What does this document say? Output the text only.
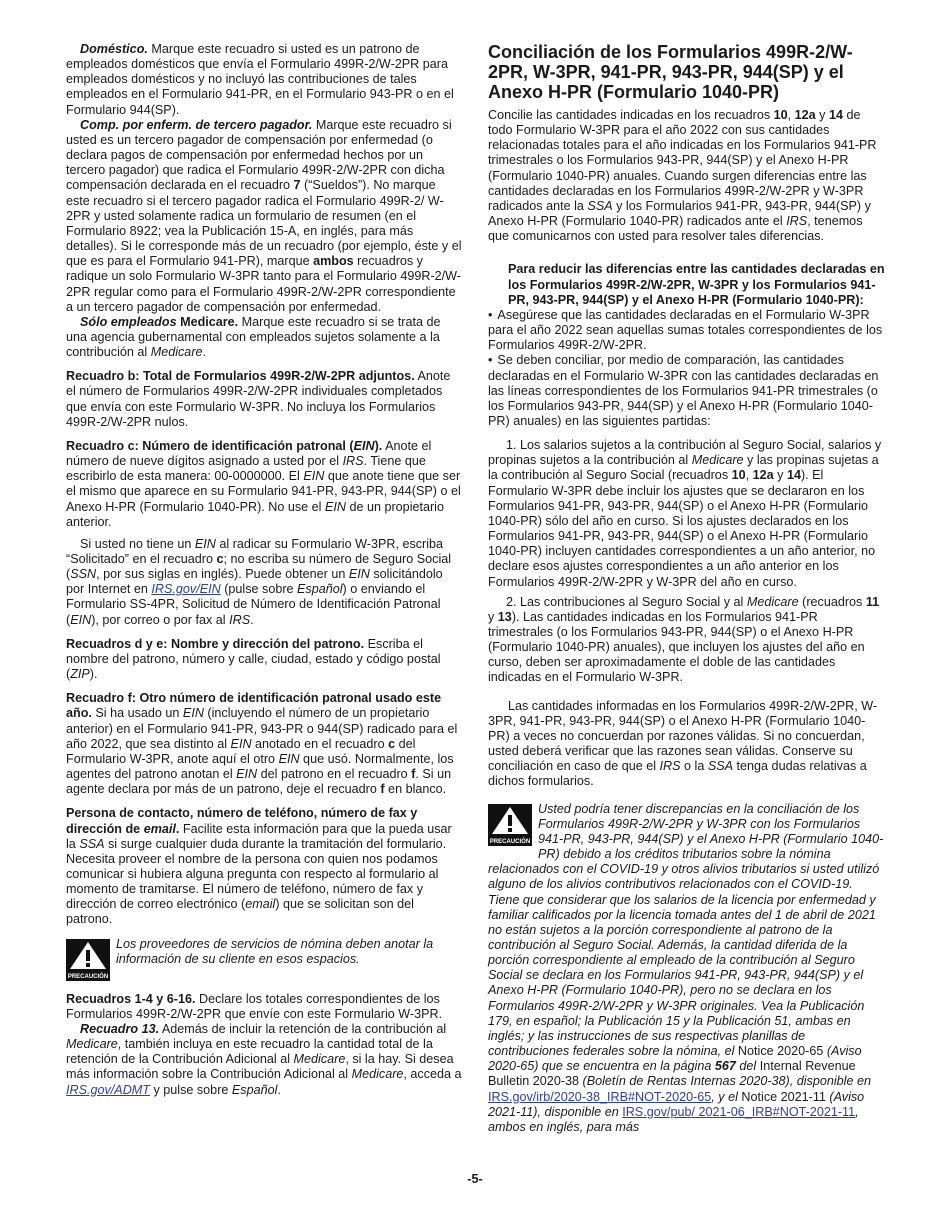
Doméstico. Marque este recuadro si usted es un patrono de empleados domésticos que envía el Formulario 499R-2/W-2PR para empleados domésticos y no incluyó las contribuciones de tales empleados en el Formulario 941-PR, en el Formulario 943-PR o en el Formulario 944(SP).

Comp. por enferm. de tercero pagador. Marque este recuadro si usted es un tercero pagador de compensación por enfermedad (o declara pagos de compensación por enfermedad hechos por un tercero pagador) que radica el Formulario 499R-2/W-2PR con dicha compensación declarada en el recuadro 7 (“Sueldos”). No marque este recuadro si el tercero pagador radica el Formulario 499R-2/ W-2PR y usted solamente radica un formulario de resumen (en el Formulario 8922; vea la Publicación 15-A, en inglés, para más detalles). Si le corresponde más de un recuadro (por ejemplo, éste y el que es para el Formulario 941-PR), marque ambos recuadros y radique un solo Formulario W-3PR tanto para el Formulario 499R-2/W-2PR regular como para el Formulario 499R-2/W-2PR correspondiente a un tercero pagador de compensación por enfermedad.

Sólo empleados Medicare. Marque este recuadro si se trata de una agencia gubernamental con empleados sujetos solamente a la contribución al Medicare.

Recuadro b: Total de Formularios 499R-2/W-2PR adjuntos. Anote el número de Formularios 499R-2/W-2PR individuales completados que envía con este Formulario W-3PR. No incluya los Formularios 499R-2/W-2PR nulos.

Recuadro c: Número de identificación patronal (EIN). Anote el número de nueve dígitos asignado a usted por el IRS. Tiene que escribirlo de esta manera: 00-0000000. El EIN que anote tiene que ser el mismo que aparece en su Formulario 941-PR, 943-PR, 944(SP) o el Anexo H-PR (Formulario 1040-PR). No use el EIN de un propietario anterior.

Si usted no tiene un EIN al radicar su Formulario W-3PR, escriba “Solicitado” en el recuadro c; no escriba su número de Seguro Social (SSN, por sus siglas en inglés). Puede obtener un EIN solicitándolo por Internet en IRS.gov/EIN (pulse sobre Español) o enviando el Formulario SS-4PR, Solicitud de Número de Identificación Patronal (EIN), por correo o por fax al IRS.

Recuadros d y e: Nombre y dirección del patrono. Escriba el nombre del patrono, número y calle, ciudad, estado y código postal (ZIP).

Recuadro f: Otro número de identificación patronal usado este año. Si ha usado un EIN (incluyendo el número de un propietario anterior) en el Formulario 941-PR, 943-PR o 944(SP) radicado para el año 2022, que sea distinto al EIN anotado en el recuadro c del Formulario W-3PR, anote aquí el otro EIN que usó. Normalmente, los agentes del patrono anotan el EIN del patrono en el recuadro f. Si un agente declara por más de un patrono, deje el recuadro f en blanco.

Persona de contacto, número de teléfono, número de fax y dirección de email. Facilite esta información para que la pueda usar la SSA si surge cualquier duda durante la tramitación del formulario. Necesita proveer el nombre de la persona con quien nos podamos comunicar si hubiera alguna pregunta con respecto al formulario al momento de tramitarse. El número de teléfono, número de fax y dirección de correo electrónico (email) que se solicitan son del patrono.

PRECAUCIÓN

Los proveedores de servicios de nómina deben anotar la información de su cliente en esos espacios.

Recuadros 1-4 y 6-16. Declare los totales correspondientes de los Formularios 499R-2/W-2PR que envíe con este Formulario W-3PR.

Recuadro 13. Además de incluir la retención de la contribución al Medicare, también incluya en este recuadro la cantidad total de la retención de la Contribución Adicional al Medicare, si la hay. Si desea más información sobre la Contribución Adicional al Medicare, acceda a IRS.gov/ADMT y pulse sobre Español.

Conciliación de los Formularios 499R-2/W-2PR, W-3PR, 941-PR, 943-PR, 944(SP) y el Anexo H-PR (Formulario 1040-PR)

Concilie las cantidades indicadas en los recuadros 10, 12a y 14 de todo Formulario W-3PR para el año 2022 con sus cantidades relacionadas totales para el año indicadas en los Formularios 941-PR trimestrales o los Formularios 943-PR, 944(SP) y el Anexo H-PR (Formulario 1040-PR) anuales. Cuando surgen diferencias entre las cantidades declaradas en los Formularios 499R-2/W-2PR y W-3PR radicados ante la SSA y los Formularios 941-PR, 943-PR, 944(SP) y Anexo H-PR (Formulario 1040-PR) radicados ante el IRS, tenemos que comunicarnos con usted para resolver tales diferencias.

Para reducir las diferencias entre las cantidades declaradas en los Formularios 499R-2/W-2PR, W-3PR y los Formularios 941-PR, 943-PR, 944(SP) y el Anexo H-PR (Formulario 1040-PR):

• Asegúrese que las cantidades declaradas en el Formulario W-3PR para el año 2022 sean aquellas sumas totales correspondientes de los Formularios 499R-2/W-2PR.

• Se deben conciliar, por medio de comparación, las cantidades declaradas en el Formulario W-3PR con las cantidades declaradas en las líneas correspondientes de los Formularios 941-PR trimestrales (o los Formularios 943-PR, 944(SP) y el Anexo H-PR (Formulario 1040-PR) anuales) en las siguientes partidas:

1. Los salarios sujetos a la contribución al Seguro Social, salarios y propinas sujetos a la contribución al Medicare y las propinas sujetas a la contribución al Seguro Social (recuadros 10, 12a y 14). El Formulario W-3PR debe incluir los ajustes que se declararon en los Formularios 941-PR, 943-PR, 944(SP) o el Anexo H-PR (Formulario 1040-PR) sólo del año en curso. Si los ajustes declarados en los Formularios 941-PR, 943-PR, 944(SP) o el Anexo H-PR (Formulario 1040-PR) incluyen cantidades correspondientes a un año anterior, no declare esos ajustes correspondientes a un año anterior en los Formularios 499R-2/W-2PR y W-3PR del año en curso.

2. Las contribuciones al Seguro Social y al Medicare (recuadros 11 y 13). Las cantidades indicadas en los Formularios 941-PR trimestrales (o los Formularios 943-PR, 944(SP) o el Anexo H-PR (Formulario 1040-PR) anuales), que incluyen los ajustes del año en curso, deben ser aproximadamente el doble de las cantidades indicadas en el Formulario W-3PR.

Las cantidades informadas en los Formularios 499R-2/W-2PR, W-3PR, 941-PR, 943-PR, 944(SP) o el Anexo H-PR (Formulario 1040-PR) a veces no concuerdan por razones válidas. Si no concuerdan, usted deberá verificar que las razones sean válidas. Conserve su conciliación en caso de que el IRS o la SSA tenga dudas relativas a dichos formularios.

PRECAUCIÓN

Usted podría tener discrepancias en la conciliación de los Formularios 499R-2/W-2PR y W-3PR con los Formularios 941-PR, 943-PR, 944(SP) y el Anexo H-PR (Formulario 1040-PR) debido a los créditos tributarios sobre la nómina relacionados con el COVID-19 y otros alivios tributarios si usted utilizó alguno de los alivios contributivos relacionados con el COVID-19. Tiene que considerar que los salarios de la licencia por enfermedad y familiar calificados por la licencia tomada antes del 1 de abril de 2021 no están sujetos a la porción correspondiente al patrono de la contribución al Seguro Social. Además, la cantidad diferida de la porción correspondiente al empleado de la contribución al Seguro Social se declara en los Formularios 941-PR, 943-PR, 944(SP) y el Anexo H-PR (Formulario 1040-PR), pero no se declara en los Formularios 499R-2/W-2PR y W-3PR originales. Vea la Publicación 179, en español; la Publicación 15 y la Publicación 51, ambas en inglés; y las instrucciones de sus respectivas planillas de contribuciones federales sobre la nómina, el Notice 2020-65 (Aviso 2020-65) que se encuentra en la página 567 del Internal Revenue Bulletin 2020-38 (Boletín de Rentas Internas 2020-38), disponible en IRS.gov/irb/2020-38_IRB#NOT-2020-65, y el Notice 2021-11 (Aviso 2021-11), disponible en IRS.gov/pub/ 2021-06_IRB#NOT-2021-11, ambos en inglés, para más

-5-
